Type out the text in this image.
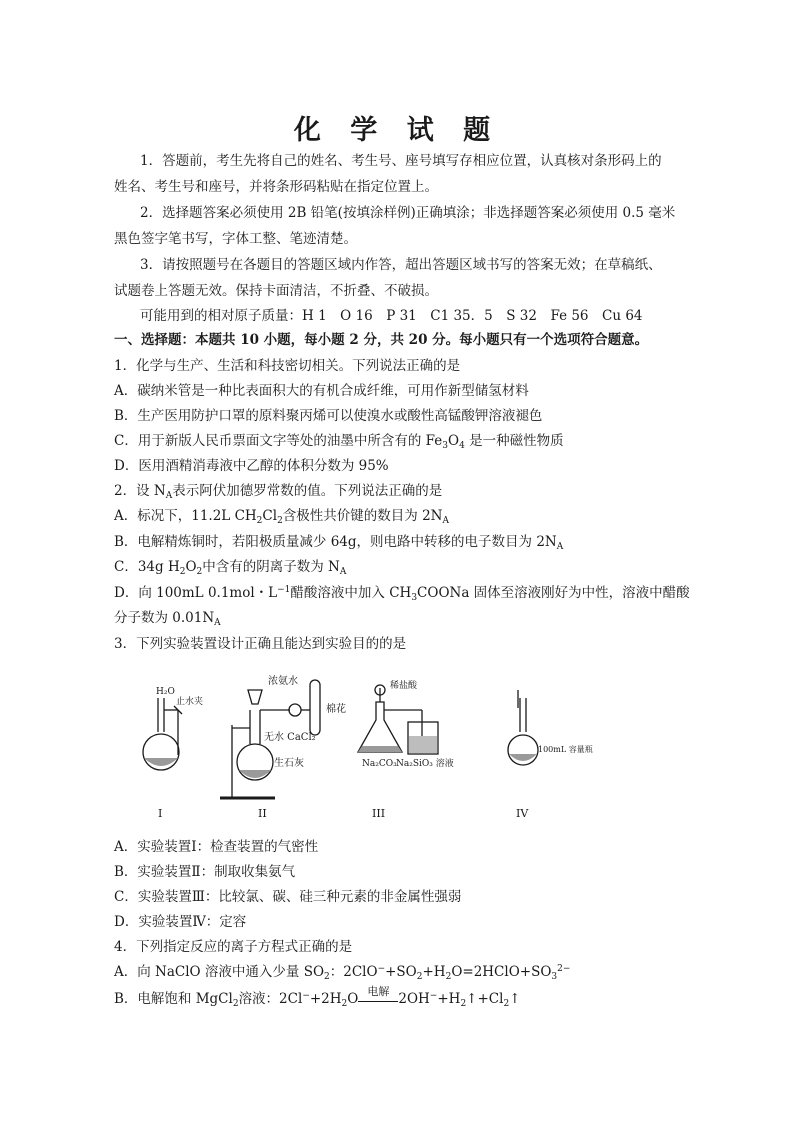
化 学 试 题
1．答题前，考生先将自己的姓名、考生号、座号填写存相应位置，认真核对条形码上的
姓名、考生号和座号，并将条形码粘贴在指定位置上。
2．选择题答案必须使用 2B 铅笔(按填涂样例)正确填涂；非选择题答案必须使用 0.5 毫米
黑色签字笔书写，字体工整、笔迹清楚。
3．请按照题号在各题目的答题区域内作答，超出答题区域书写的答案无效；在草稿纸、
试题卷上答题无效。保持卡面清洁，不折叠、不破损。
可能用到的相对原子质量：H 1　O 16　P 31　C1 35．5　S 32　Fe 56　Cu 64
一、选择题：本题共 10 小题，每小题 2 分，共 20 分。每小题只有一个选项符合题意。
1．化学与生产、生活和科技密切相关。下列说法正确的是
A．碳纳米管是一种比表面积大的有机合成纤维，可用作新型储氢材料
B．生产医用防护口罩的原料聚丙烯可以使溴水或酸性高锰酸钾溶液褪色
C．用于新版人民币票面文字等处的油墨中所含有的 $Fe_3O_4$ 是一种磁性物质
D．医用酒精消毒液中乙醇的体积分数为 95%
2．设 $N_A$表示阿伏加德罗常数的值。下列说法正确的是
A．标况下，11.2L $CH_2Cl_2$含极性共价键的数目为 $2N_A$
B．电解精炼铜时，若阳极质量减少 64g，则电路中转移的电子数目为 $2N_A$
C．34g $H_2O_2$中含有的阴离子数为 $N_A$
D．向 100mL 0.1mol・$L^{-1}$醋酸溶液中加入 $CH_3COONa$ 固体至溶液刚好为中性，溶液中醋酸
分子数为 $0.01N_A$
3．下列实验装置设计正确且能达到实验目的的是
H₂O
止水夹
I
浓氨水
棉花
无水 CaCl₂
生石灰
II
稀盐酸
Na₂CO₃ Na₂SiO₃ 溶液
III
100mL 容量瓶
IV
A．实验装置Ⅰ：检查装置的气密性
B．实验装置Ⅱ：制取收集氨气
C．实验装置Ⅲ：比较氯、碳、硅三种元素的非金属性强弱
D．实验装置Ⅳ：定容
4．下列指定反应的离子方程式正确的是
A．向 NaClO 溶液中通入少量 $SO_2$：$2ClO^-+SO_2+H_2O=2HClO+SO_3^{2-}$
B．电解饱和 MgCl$_2$溶液：$2Cl^-+2H_2O$ 电解 $2OH^-+H_2↑+Cl_2↑$
